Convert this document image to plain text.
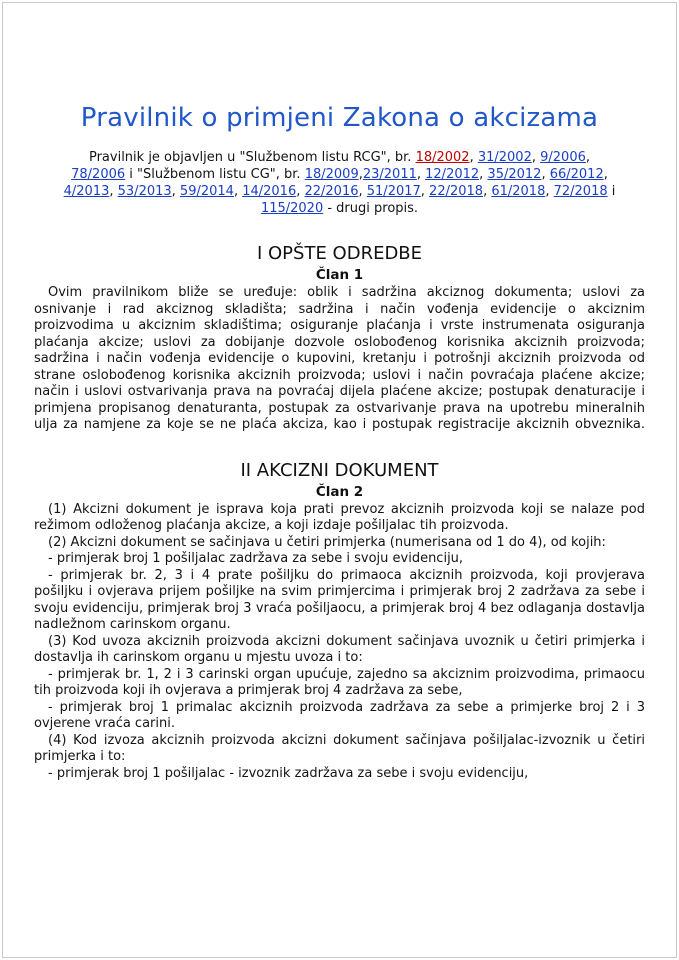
Pravilnik o primjeni Zakona o akcizama

Pravilnik je objavljen u "Službenom listu RCG", br. 18/2002, 31/2002, 9/2006, 78/2006 i "Službenom listu CG", br. 18/2009,23/2011, 12/2012, 35/2012, 66/2012, 4/2013, 53/2013, 59/2014, 14/2016, 22/2016, 51/2017, 22/2018, 61/2018, 72/2018 i 115/2020 - drugi propis.

I OPŠTE ODREDBE
Član 1

Ovim pravilnikom bliže se uređuje: oblik i sadržina akciznog dokumenta; uslovi za osnivanje i rad akciznog skladišta; sadržina i način vođenja evidencije o akciznim proizvodima u akciznim skladištima; osiguranje plaćanja i vrste instrumenata osiguranja plaćanja akcize; uslovi za dobijanje dozvole oslobođenog korisnika akciznih proizvoda; sadržina i način vođenja evidencije o kupovini, kretanju i potrošnji akciznih proizvoda od strane oslobođenog korisnika akciznih proizvoda; uslovi i način povraćaja plaćene akcize; način i uslovi ostvarivanja prava na povraćaj dijela plaćene akcize; postupak denaturacije i primjena propisanog denaturanta, postupak za ostvarivanje prava na upotrebu mineralnih ulja za namjene za koje se ne plaća akciza, kao i postupak registracije akciznih obveznika.

II AKCIZNI DOKUMENT
Član 2

(1) Akcizni dokument je isprava koja prati prevoz akciznih proizvoda koji se nalaze pod režimom odloženog plaćanja akcize, a koji izdaje pošiljalac tih proizvoda.

(2) Akcizni dokument se sačinjava u četiri primjerka (numerisana od 1 do 4), od kojih:

- primjerak broj 1 pošiljalac zadržava za sebe i svoju evidenciju,

- primjerak br. 2, 3 i 4 prate pošiljku do primaoca akciznih proizvoda, koji provjerava pošiljku i ovjerava prijem pošiljke na svim primjercima i primjerak broj 2 zadržava za sebe i svoju evidenciju, primjerak broj 3 vraća pošiljaocu, a primjerak broj 4 bez odlaganja dostavlja nadležnom carinskom organu.

(3) Kod uvoza akciznih proizvoda akcizni dokument sačinjava uvoznik u četiri primjerka i dostavlja ih carinskom organu u mjestu uvoza i to:

- primjerak br. 1, 2 i 3 carinski organ upućuje, zajedno sa akciznim proizvodima, primaocu tih proizvoda koji ih ovjerava a primjerak broj 4 zadržava za sebe,

- primjerak broj 1 primalac akciznih proizvoda zadržava za sebe a primjerke broj 2 i 3 ovjerene vraća carini.

(4) Kod izvoza akciznih proizvoda akcizni dokument sačinjava pošiljalac-izvoznik u četiri primjerka i to:

- primjerak broj 1 pošiljalac - izvoznik zadržava za sebe i svoju evidenciju,
